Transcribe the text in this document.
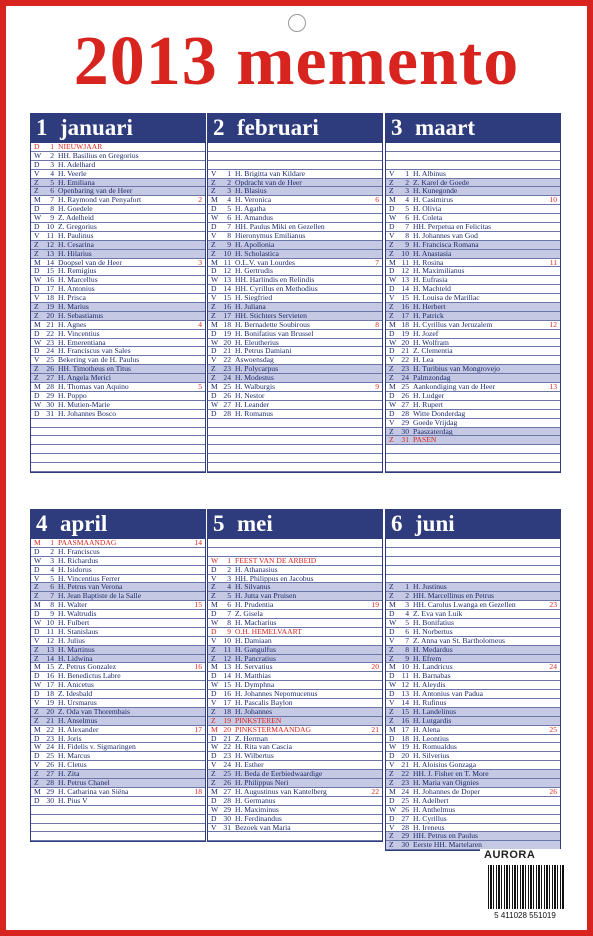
2013 memento
1 januari
D	1 NIEUWJAAR
W	2 HH. Basilius en Gregorius
D	3 H. Adelhard
V	4 H. Veerle
Z	5 H. Emiliana
Z	6 Openbaring van de Heer
M	7 H. Raymond van Penyafort	2
D	8 H. Goedele
W	9 Z. Adelheid
D 10 Z. Gregorius
V 11 H. Paulinus
Z	12 H. Cesarina
Z	13 H. Hilarius
M 14 Doopsel van de Heer	3
D 15 H. Remigius
W 16 H. Marcellus
D 17 H. Antonius
V 18 H. Prisca
Z	19 H. Marius
Z	20 H. Sebastianus
M 21 H. Agnes	4
D 22 H. Vincentius
W 23 H. Emerentiana
D 24 H. Franciscus van Sales
V 25 Bekering van de H. Paulus
Z	26 HH. Timotheus en Titus
Z	27 H. Angela Merici
M 28 H. Thomas van Aquino	5
D 29 H. Poppo
W 30 H. Mutien-Marie
D 31 H. Johannes Bosco
2 februari
V	1 H. Brigitta van Kildare
Z	2 Opdracht van de Heer
Z	3 H. Blasius
M	4 H. Veronica	6
D	5 H. Agatha
W	6 H. Amandus
D	7 HH. Paulus Miki en Gezellen
V	8 Hieronymus Emilianus
Z	9 H. Apollonia
Z	10 H. Scholastica
M 11 O.L.V. van Lourdes	7
D 12 H. Gertrudis
W 13 HH. Harlindis en Relindis
D 14 HH. Cyrillus en Methodius
V 15 H. Siegfried
Z	16 H. Juliana
Z	17 HH. Stichters Servieten
M 18 H. Bernadette Soubirous	8
D 19 H. Bonifatius van Brussel
W 20 H. Eleutherius
D 21 H. Petrus Damiani
V 22 Aswoensdag
Z	23 H. Polycarpus
Z	24 H. Modestus
M 25 H. Walburgis	9
D 26 H. Nestor
W 27 H. Leander
D 28 H. Romanus
3 maart
V	1 H. Albinus
Z	2 Z. Karel de Goede
Z	3 H. Kunegonde
M	4 H. Casimirus	10
D	5 H. Olivia
W	6 H. Coleta
D	7 HH. Perpetua en Felicitas
V	8 H. Johannes van God
Z	9 H. Francisca Romana
Z	10 H. Anastasia
M 11 H. Rosina	11
D 12 H. Maximilianus
W 13 H. Eufrasia
D 14 H. Machteld
V 15 H. Louisa de Marillac
Z	16 H. Herbert
Z	17 H. Patrick
M 18 H. Cyrillus van Jeruzalem	12
D 19 H. Jozef
W 20 H. Wolfram
D 21 Z. Clementia
V 22 H. Lea
Z	23 H. Turibius van Mongrovejo
Z	24 Palmzondag
M 25 Aankondiging van de Heer	13
D 26 H. Ludger
W 27 H. Rupert
D 28 Witte Donderdag
V 29 Goede Vrijdag
Z	30 Paaszaterdag
Z	31 PASEN
4 april
M	1 PAASMAANDAG	14
D	2 H. Franciscus
W	3 H. Richardus
D	4 H. Isidorus
V	5 H. Vincentius Ferrer
Z	6 H. Petrus van Verona
Z	7 H. Jean Baptiste de la Salle
M	8 H. Walter	15
D	9 H. Waltrudis
W 10 H. Fulbert
D 11 H. Stanislaus
V 12 H. Julius
Z	13 H. Martinus
Z	14 H. Lidwina
M 15 Z. Petrus Gonzalez	16
D 16 H. Benedictus Labre
W 17 H. Anicetus
D 18 Z. Idesbald
V 19 H. Ursmarus
Z	20 Z. Oda van Thorembais
Z	21 H. Anselmus
M 22 H. Alexander	17
D 23 H. Joris
W 24 H. Fidelis v. Sigmaringen
D 25 H. Marcus
V 26 H. Cletus
Z	27 H. Zita
Z	28 H. Petrus Chanel
M 29 H. Catharina van Siëna	18
D 30 H. Pius V
5 mei
W	1 FEEST VAN DE ARBEID
D	2 H. Athanasius
V	3 HH. Philippus en Jacobus
Z	4 H. Silvanus
Z	5 H. Jutta van Pruisen
M	6 H. Prudentia	19
D	7 Z. Gisela
W	8 H. Macharius
D	9 O.H. HEMELVAART
V 10 H. Damiaan
Z	11 H. Gangulfus
Z	12 H. Pancratius
M 13 H. Servatius	20
D 14 H. Matthias
W 15 H. Dymphna
D 16 H. Johannes Nepomucenus
V 17 H. Pascalis Baylon
Z	18 H. Johannes
Z	19 PINKSTEREN
M 20 PINKSTERMAANDAG	21
D 21 Z. Herman
W 22 H. Rita van Cascia
D 23 H. Wilbertus
V 24 H. Esther
Z	25 H. Beda de Eerbiedwaardige
Z	26 H. Philippus Neri
M 27 H. Augustinus van Kantelberg	22
D 28 H. Germanus
W 29 H. Maximinus
D 30 H. Ferdinandus
V 31 Bezoek van Maria
6 juni
Z	1 H. Justinus
Z	2 HH. Marcellinus en Petrus
M	3 HH. Carolus Lwanga en Gezellen	23
D	4 Z. Eva van Luik
W	5 H. Bonifatius
D	6 H. Norbertus
V	7 Z. Anna van St. Bartholomeus
Z	8 H. Medardus
Z	9 H. Efrem
M 10 H. Landricus	24
D 11 H. Barnabas
W 12 H. Aleydis
D 13 H. Antonius van Padua
V 14 H. Rufinus
Z	15 H. Landelinus
Z	16 H. Lutgardis
M 17 H. Alena	25
D 18 H. Leontius
W 19 H. Romualdus
D 20 H. Silverius
V 21 H. Aloisius Gonzaga
Z	22 HH. J. Fisher en T. More
Z	23 H. Maria van Oignies
M 24 H. Johannes de Doper	26
D 25 H. Adelbert
W 26 H. Anthelmus
D 27 H. Cyrillus
V 28 H. Ireneus
Z	29 HH. Petrus en Paulus
Z	30 Eerste HH. Martelaren
AURORA
5 411028 551019
